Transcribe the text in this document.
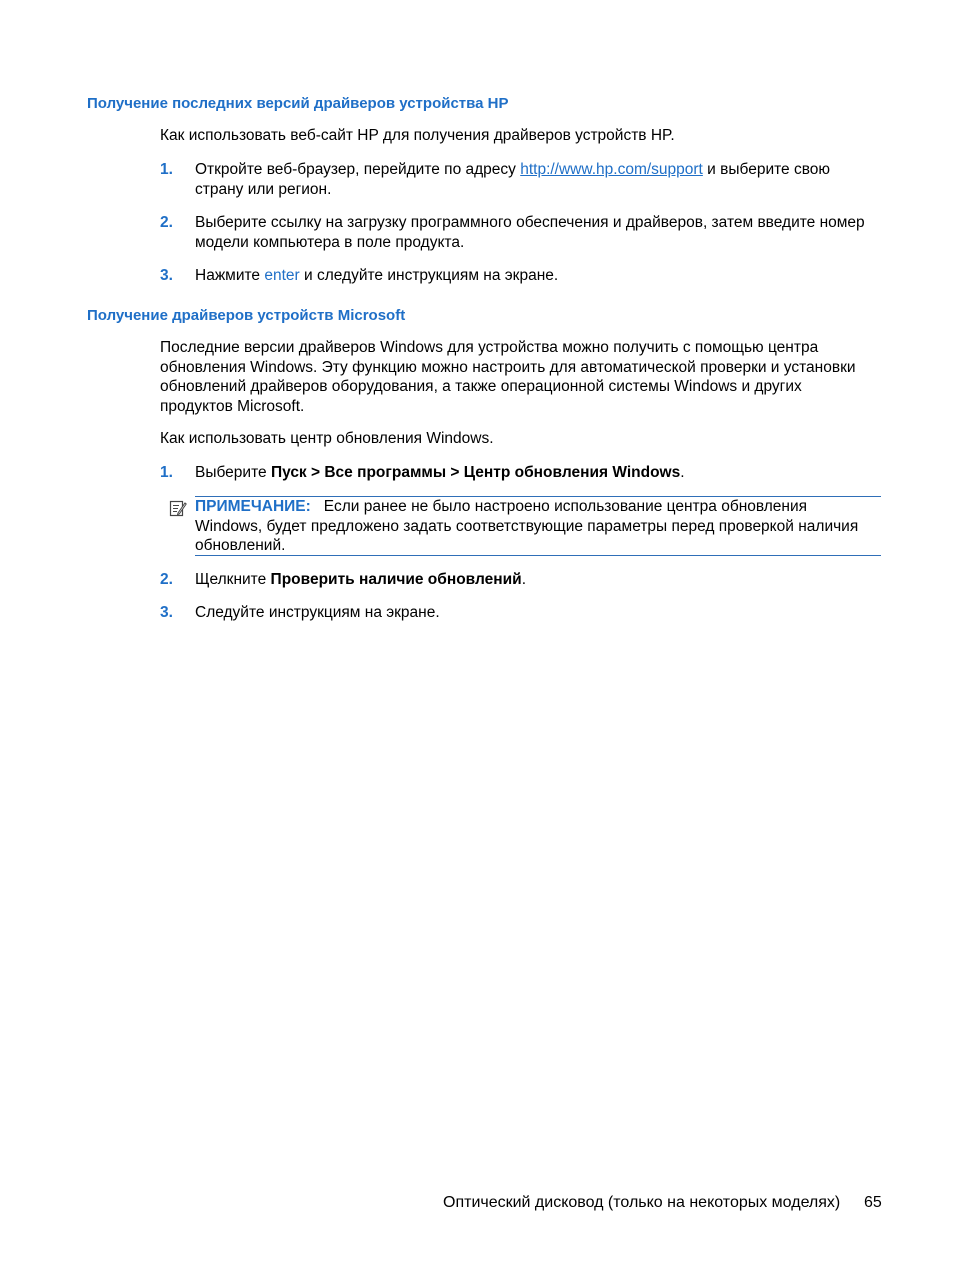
Получение последних версий драйверов устройства HP
Как использовать веб-сайт HP для получения драйверов устройств HP.
1. Откройте веб-браузер, перейдите по адресу http://www.hp.com/support и выберите свою
страну или регион.
2. Выберите ссылку на загрузку программного обеспечения и драйверов, затем введите номер
модели компьютера в поле продукта.
3. Нажмите enter и следуйте инструкциям на экране.
Получение драйверов устройств Microsoft
Последние версии драйверов Windows для устройства можно получить с помощью центра
обновления Windows. Эту функцию можно настроить для автоматической проверки и установки
обновлений драйверов оборудования, а также операционной системы Windows и других
продуктов Microsoft.
Как использовать центр обновления Windows.
1. Выберите Пуск > Все программы > Центр обновления Windows.
ПРИМЕЧАНИЕ: Если ранее не было настроено использование центра обновления
Windows, будет предложено задать соответствующие параметры перед проверкой наличия
обновлений.
2. Щелкните Проверить наличие обновлений.
3. Следуйте инструкциям на экране.
Оптический дисковод (только на некоторых моделях) 65
